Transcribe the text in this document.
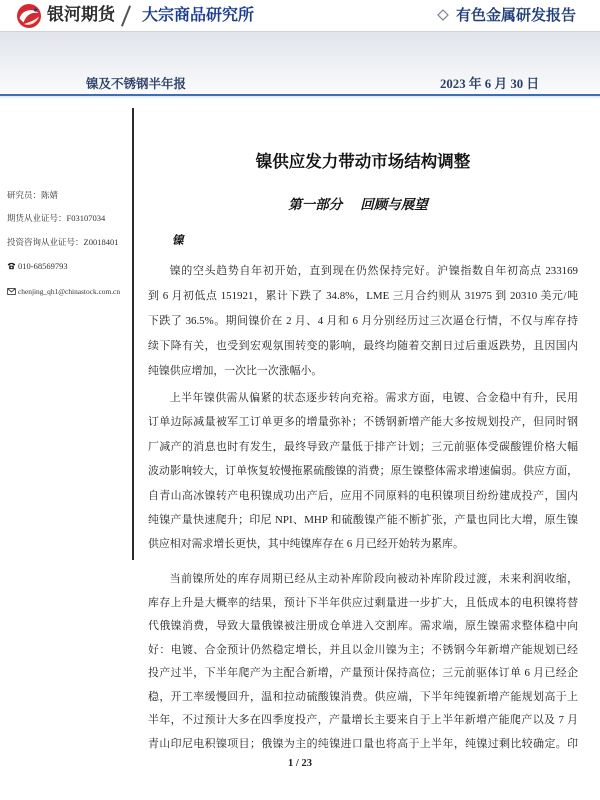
银河期货 大宗商品研究所	有色金属研发报告
镍及不锈钢半年报	2023 年 6 月 30 日
研究员：陈婧
期货从业证号：F03107034
投资咨询从业证号：Z0018401
010-68569793
chenjing_qh1@chinastock.com.cn
镍供应发力带动市场结构调整
第一部分 回顾与展望
镍
镍的空头趋势自年初开始，直到现在仍然保持完好。沪镍指数自年初高点 233169
到 6 月初低点 151921，累计下跌了 34.8%，LME 三月合约则从 31975 到 20310 美元/吨
下跌了 36.5%。期间镍价在 2 月、4 月和 6 月分别经历过三次逼仓行情，不仅与库存持
续下降有关，也受到宏观氛围转变的影响，最终均随着交割日过后重返跌势，且因国内
纯镍供应增加，一次比一次涨幅小。
上半年镍供需从偏紧的状态逐步转向充裕。需求方面，电镀、合金稳中有升，民用
订单边际减量被军工订单更多的增量弥补；不锈钢新增产能大多按规划投产，但同时钢
厂减产的消息也时有发生，最终导致产量低于排产计划；三元前驱体受碳酸锂价格大幅
波动影响较大，订单恢复较慢拖累硫酸镍的消费；原生镍整体需求增速偏弱。供应方面，
自青山高冰镍转产电积镍成功出产后，应用不同原料的电积镍项目纷纷建成投产，国内
纯镍产量快速爬升；印尼 NPI、MHP 和硫酸镍产能不断扩张，产量也同比大增，原生镍
供应相对需求增长更快，其中纯镍库存在 6 月已经开始转为累库。
当前镍所处的库存周期已经从主动补库阶段向被动补库阶段过渡，未来利润收缩，
库存上升是大概率的结果，预计下半年供应过剩量进一步扩大，且低成本的电积镍将替
代俄镍消费，导致大量俄镍被注册成仓单进入交割库。需求端，原生镍需求整体稳中向
好：电镀、合金预计仍然稳定增长，并且以金川镍为主；不锈钢今年新增产能规划已经
投产过半，下半年爬产为主配合新增，产量预计保持高位；三元前驱体订单 6 月已经企
稳，开工率缓慢回升，温和拉动硫酸镍消费。供应端，下半年纯镍新增产能规划高于上
半年，不过预计大多在四季度投产，产量增长主要来自于上半年新增产能爬产以及 7 月
青山印尼电积镍项目；俄镍为主的纯镍进口量也将高于上半年，纯镍过剩比较确定。印
1 / 23
